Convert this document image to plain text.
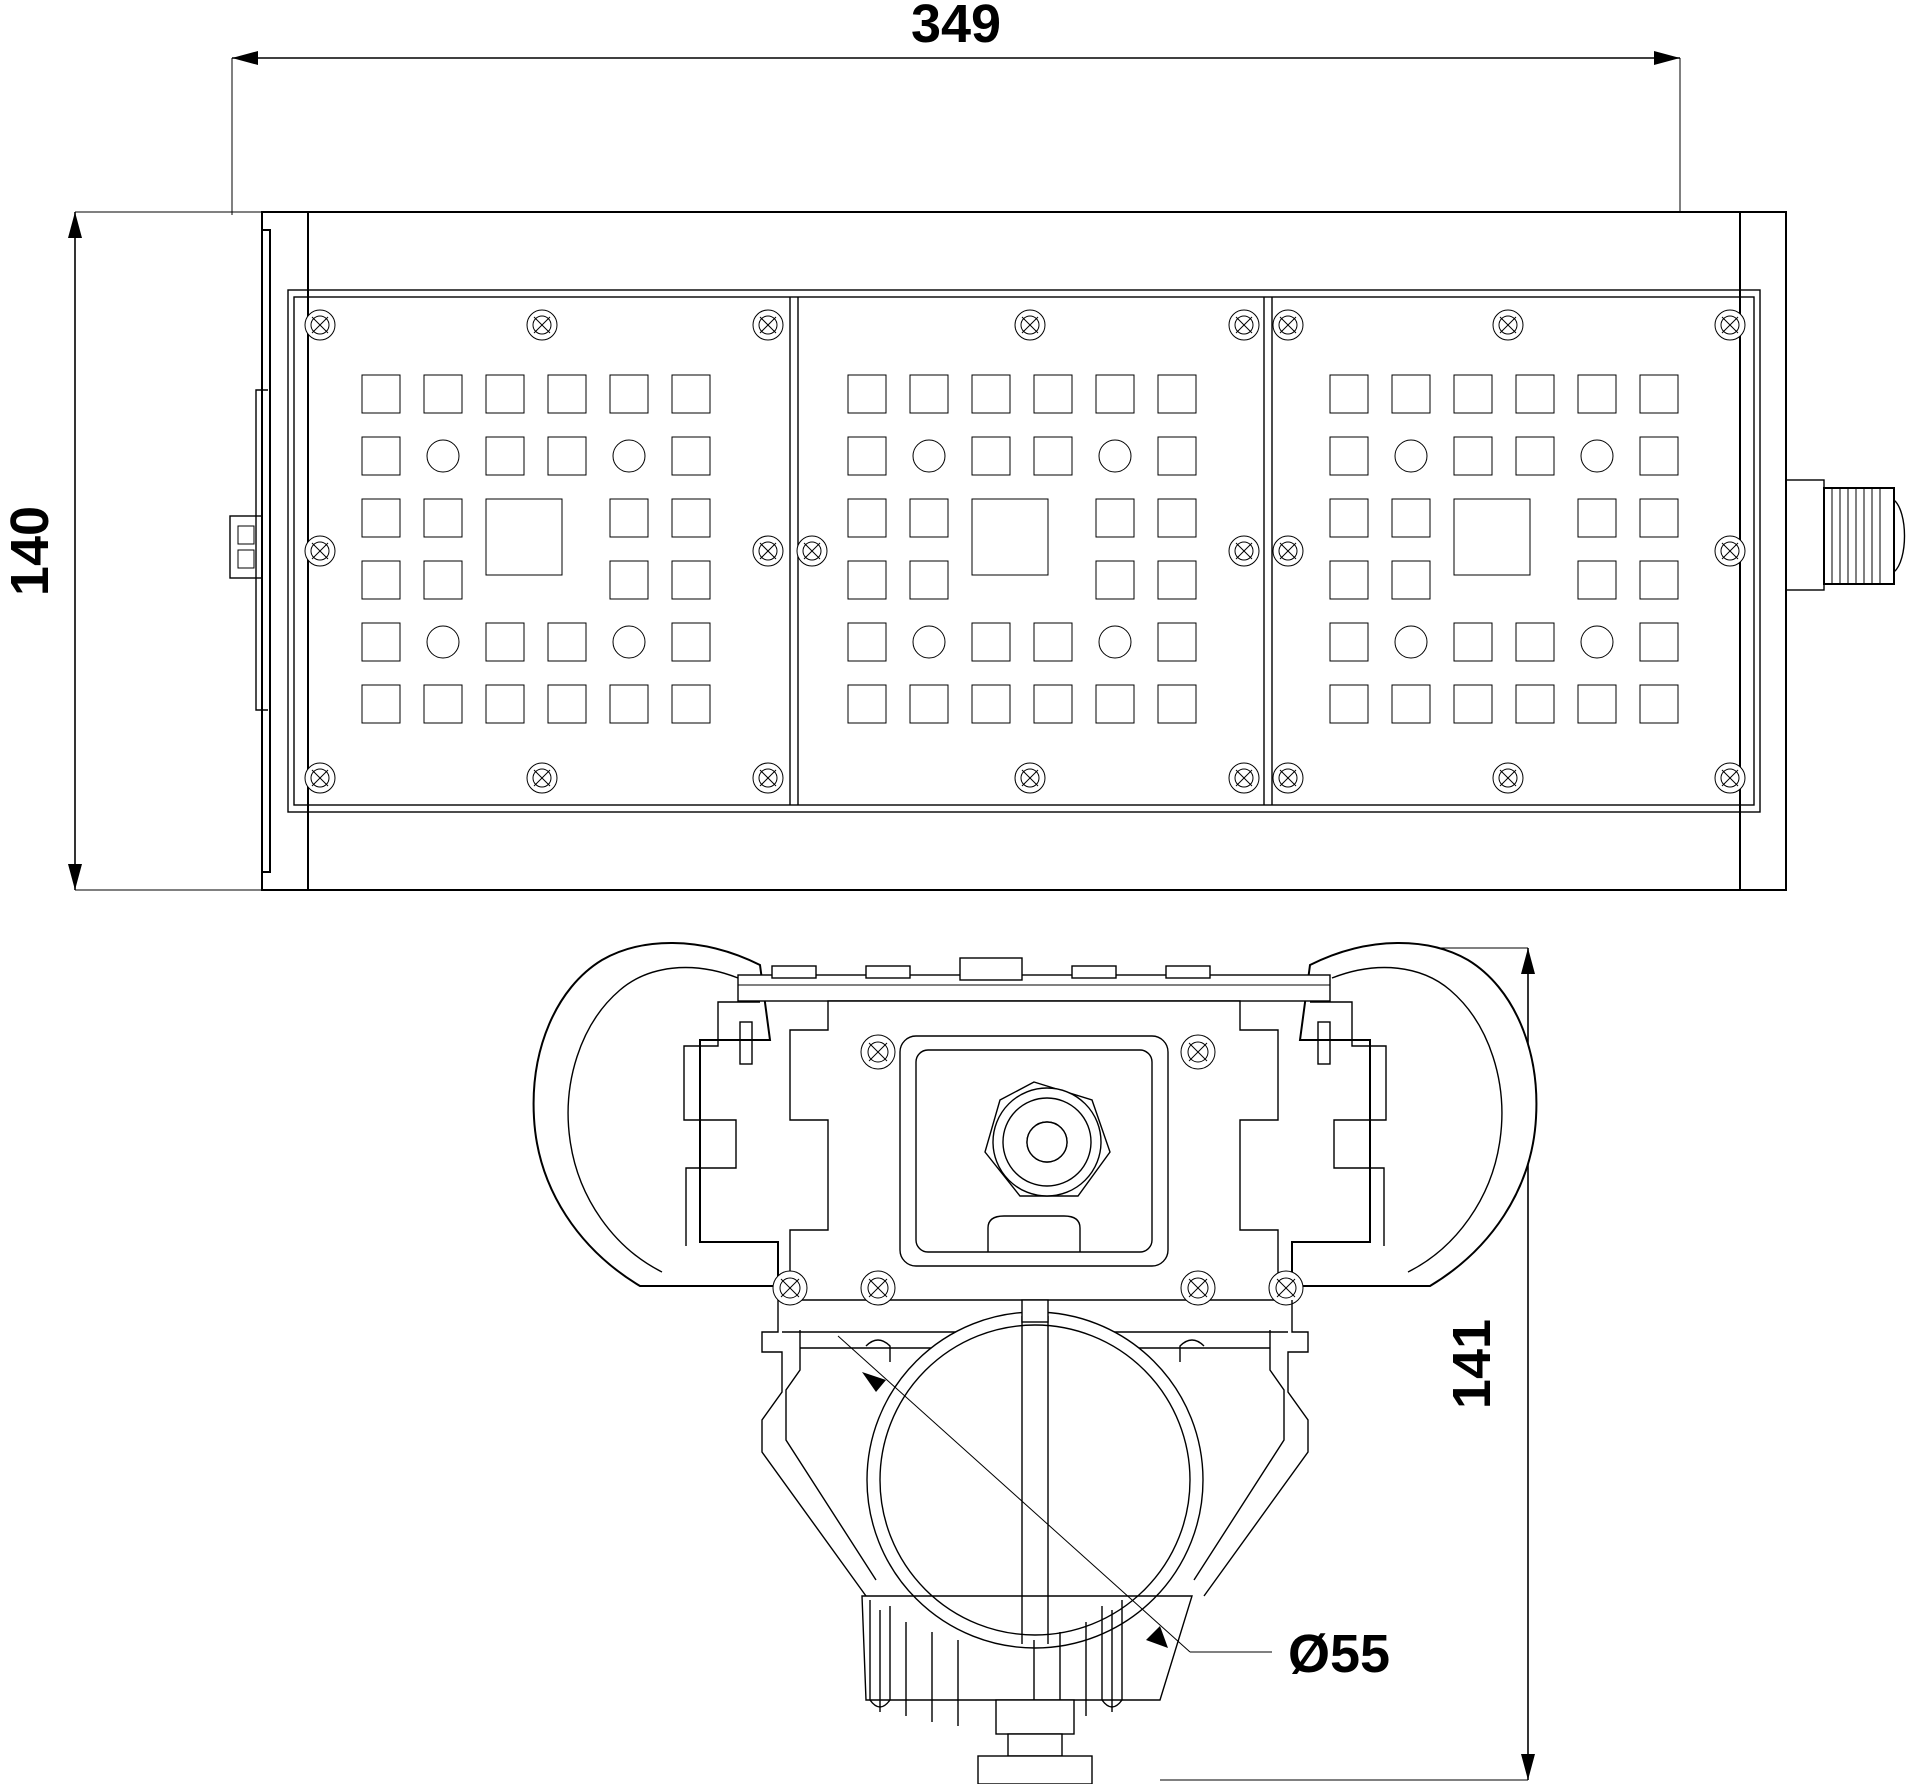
349
140
141
Ø55
